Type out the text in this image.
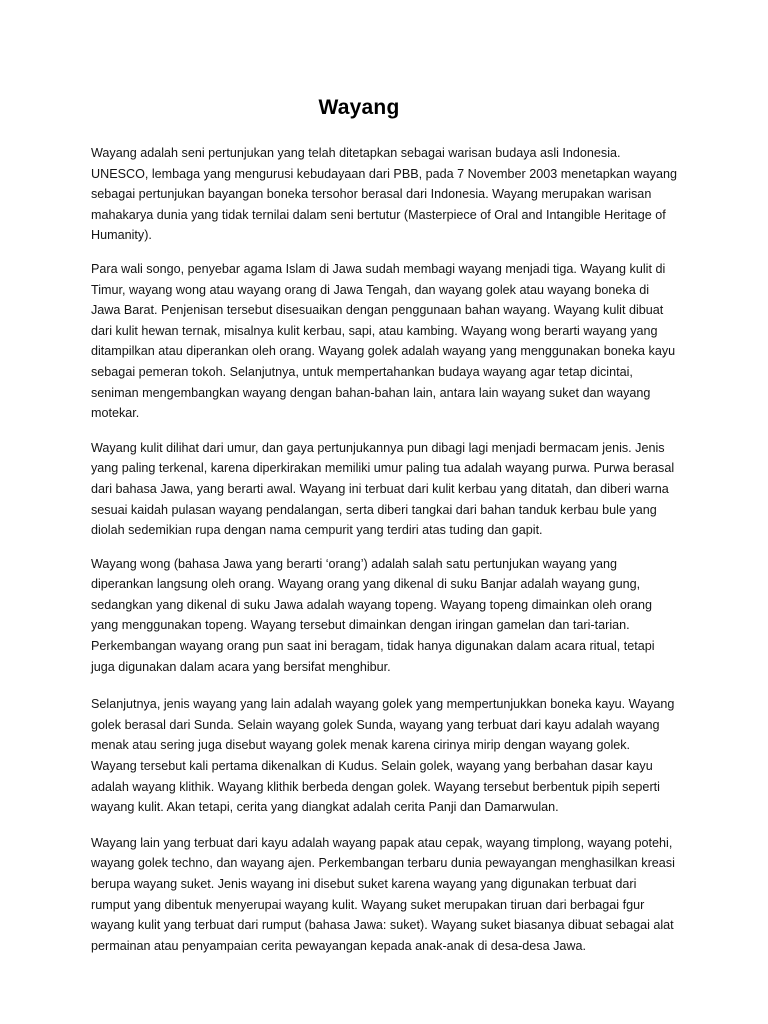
Wayang

Wayang adalah seni pertunjukan yang telah ditetapkan sebagai warisan budaya asli Indonesia. UNESCO, lembaga yang mengurusi kebudayaan dari PBB, pada 7 November 2003 menetapkan wayang sebagai pertunjukan bayangan boneka tersohor berasal dari Indonesia. Wayang merupakan warisan mahakarya dunia yang tidak ternilai dalam seni bertutur (Masterpiece of Oral and Intangible Heritage of Humanity).

Para wali songo, penyebar agama Islam di Jawa sudah membagi wayang menjadi tiga. Wayang kulit di Timur, wayang wong atau wayang orang di Jawa Tengah, dan wayang golek atau wayang boneka di Jawa Barat. Penjenisan tersebut disesuaikan dengan penggunaan bahan wayang. Wayang kulit dibuat dari kulit hewan ternak, misalnya kulit kerbau, sapi, atau kambing. Wayang wong berarti wayang yang ditampilkan atau diperankan oleh orang. Wayang golek adalah wayang yang menggunakan boneka kayu sebagai pemeran tokoh. Selanjutnya, untuk mempertahankan budaya wayang agar tetap dicintai, seniman mengembangkan wayang dengan bahan-bahan lain, antara lain wayang suket dan wayang motekar.

Wayang kulit dilihat dari umur, dan gaya pertunjukannya pun dibagi lagi menjadi bermacam jenis. Jenis yang paling terkenal, karena diperkirakan memiliki umur paling tua adalah wayang purwa. Purwa berasal dari bahasa Jawa, yang berarti awal. Wayang ini terbuat dari kulit kerbau yang ditatah, dan diberi warna sesuai kaidah pulasan wayang pendalangan, serta diberi tangkai dari bahan tanduk kerbau bule yang diolah sedemikian rupa dengan nama cempurit yang terdiri atas tuding dan gapit.

Wayang wong (bahasa Jawa yang berarti ‘orang’) adalah salah satu pertunjukan wayang yang diperankan langsung oleh orang. Wayang orang yang dikenal di suku Banjar adalah wayang gung, sedangkan yang dikenal di suku Jawa adalah wayang topeng. Wayang topeng dimainkan oleh orang yang menggunakan topeng. Wayang tersebut dimainkan dengan iringan gamelan dan tari-tarian. Perkembangan wayang orang pun saat ini beragam, tidak hanya digunakan dalam acara ritual, tetapi juga digunakan dalam acara yang bersifat menghibur.

Selanjutnya, jenis wayang yang lain adalah wayang golek yang mempertunjukkan boneka kayu. Wayang golek berasal dari Sunda. Selain wayang golek Sunda, wayang yang terbuat dari kayu adalah wayang menak atau sering juga disebut wayang golek menak karena cirinya mirip dengan wayang golek. Wayang tersebut kali pertama dikenalkan di Kudus. Selain golek, wayang yang berbahan dasar kayu adalah wayang klithik. Wayang klithik berbeda dengan golek. Wayang tersebut berbentuk pipih seperti wayang kulit. Akan tetapi, cerita yang diangkat adalah cerita Panji dan Damarwulan.

Wayang lain yang terbuat dari kayu adalah wayang papak atau cepak, wayang timplong, wayang potehi, wayang golek techno, dan wayang ajen. Perkembangan terbaru dunia pewayangan menghasilkan kreasi berupa wayang suket. Jenis wayang ini disebut suket karena wayang yang digunakan terbuat dari rumput yang dibentuk menyerupai wayang kulit. Wayang suket merupakan tiruan dari berbagai fgur wayang kulit yang terbuat dari rumput (bahasa Jawa: suket). Wayang suket biasanya dibuat sebagai alat permainan atau penyampaian cerita pewayangan kepada anak-anak di desa-desa Jawa.
